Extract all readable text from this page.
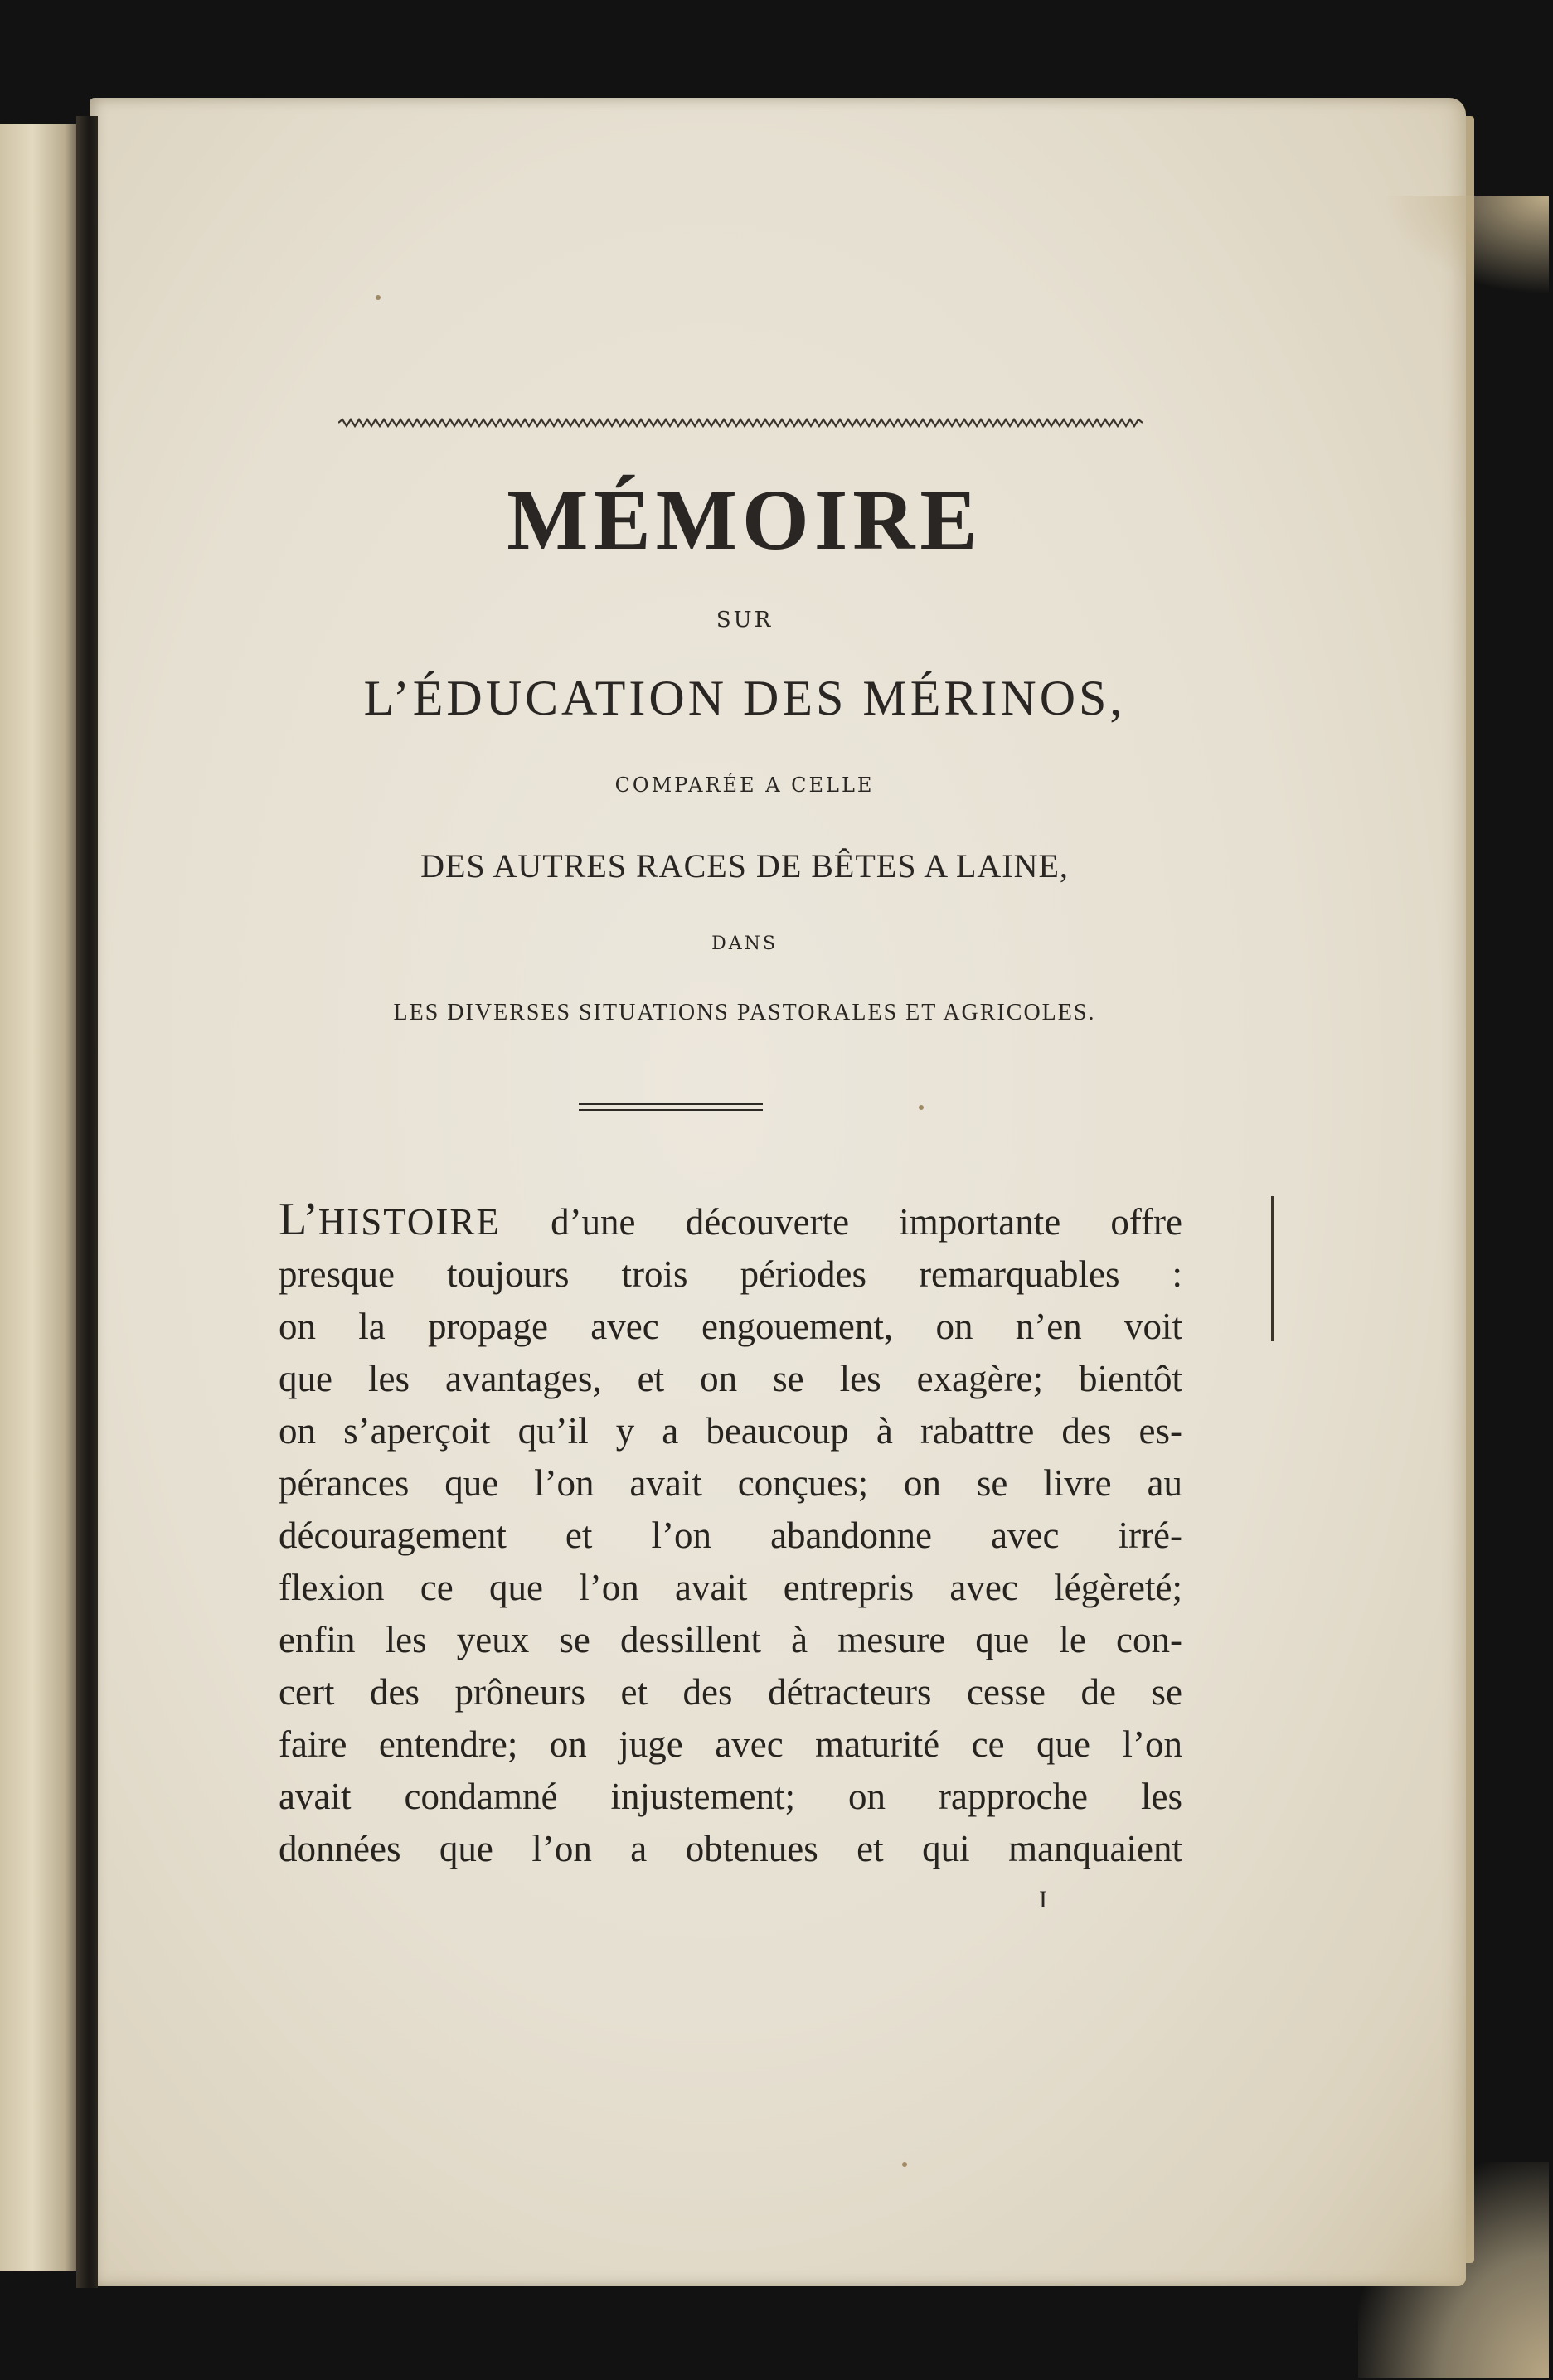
MÉMOIRE
SUR
L’ÉDUCATION DES MÉRINOS,
COMPARÉE A CELLE
DES AUTRES RACES DE BÊTES A LAINE,
DANS
LES DIVERSES SITUATIONS PASTORALES ET AGRICOLES.
L’HISTOIRE d’une découverte importante offre
presque toujours trois périodes remarquables :
on la propage avec engouement, on n’en voit
que les avantages, et on se les exagère; bientôt
on s’aperçoit qu’il y a beaucoup à rabattre des es-
pérances que l’on avait conçues; on se livre au
découragement et l’on abandonne avec irré-
flexion ce que l’on avait entrepris avec légèreté;
enfin les yeux se dessillent à mesure que le con-
cert des prôneurs et des détracteurs cesse de se
faire entendre; on juge avec maturité ce que l’on
avait condamné injustement; on rapproche les
données que l’on a obtenues et qui manquaient
I
